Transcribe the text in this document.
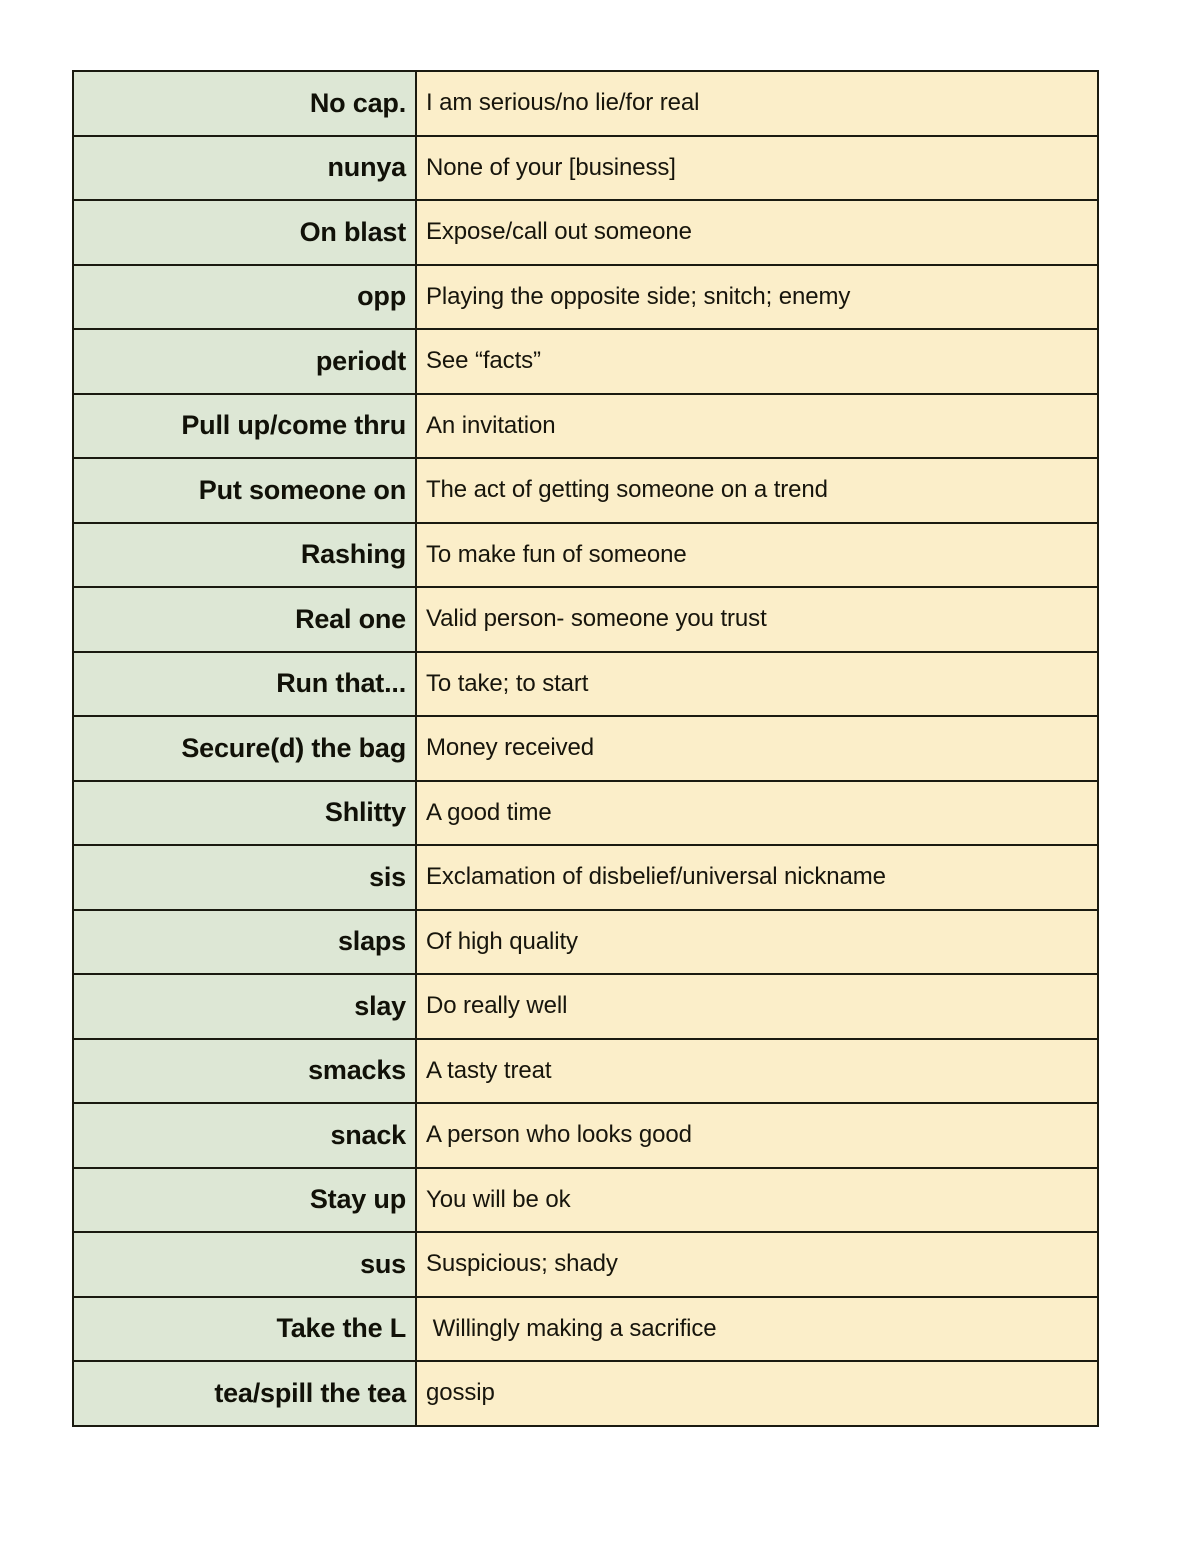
No cap.	I am serious/no lie/for real
nunya	None of your [business]
On blast	Expose/call out someone
opp	Playing the opposite side; snitch; enemy
periodt	See “facts”
Pull up/come thru	An invitation
Put someone on	The act of getting someone on a trend
Rashing	To make fun of someone
Real one	Valid person- someone you trust
Run that...	To take; to start
Secure(d) the bag	Money received
Shlitty	A good time
sis	Exclamation of disbelief/universal nickname
slaps	Of high quality
slay	Do really well
smacks	A tasty treat
snack	A person who looks good
Stay up	You will be ok
sus	Suspicious; shady
Take the L	Willingly making a sacrifice
tea/spill the tea	gossip
